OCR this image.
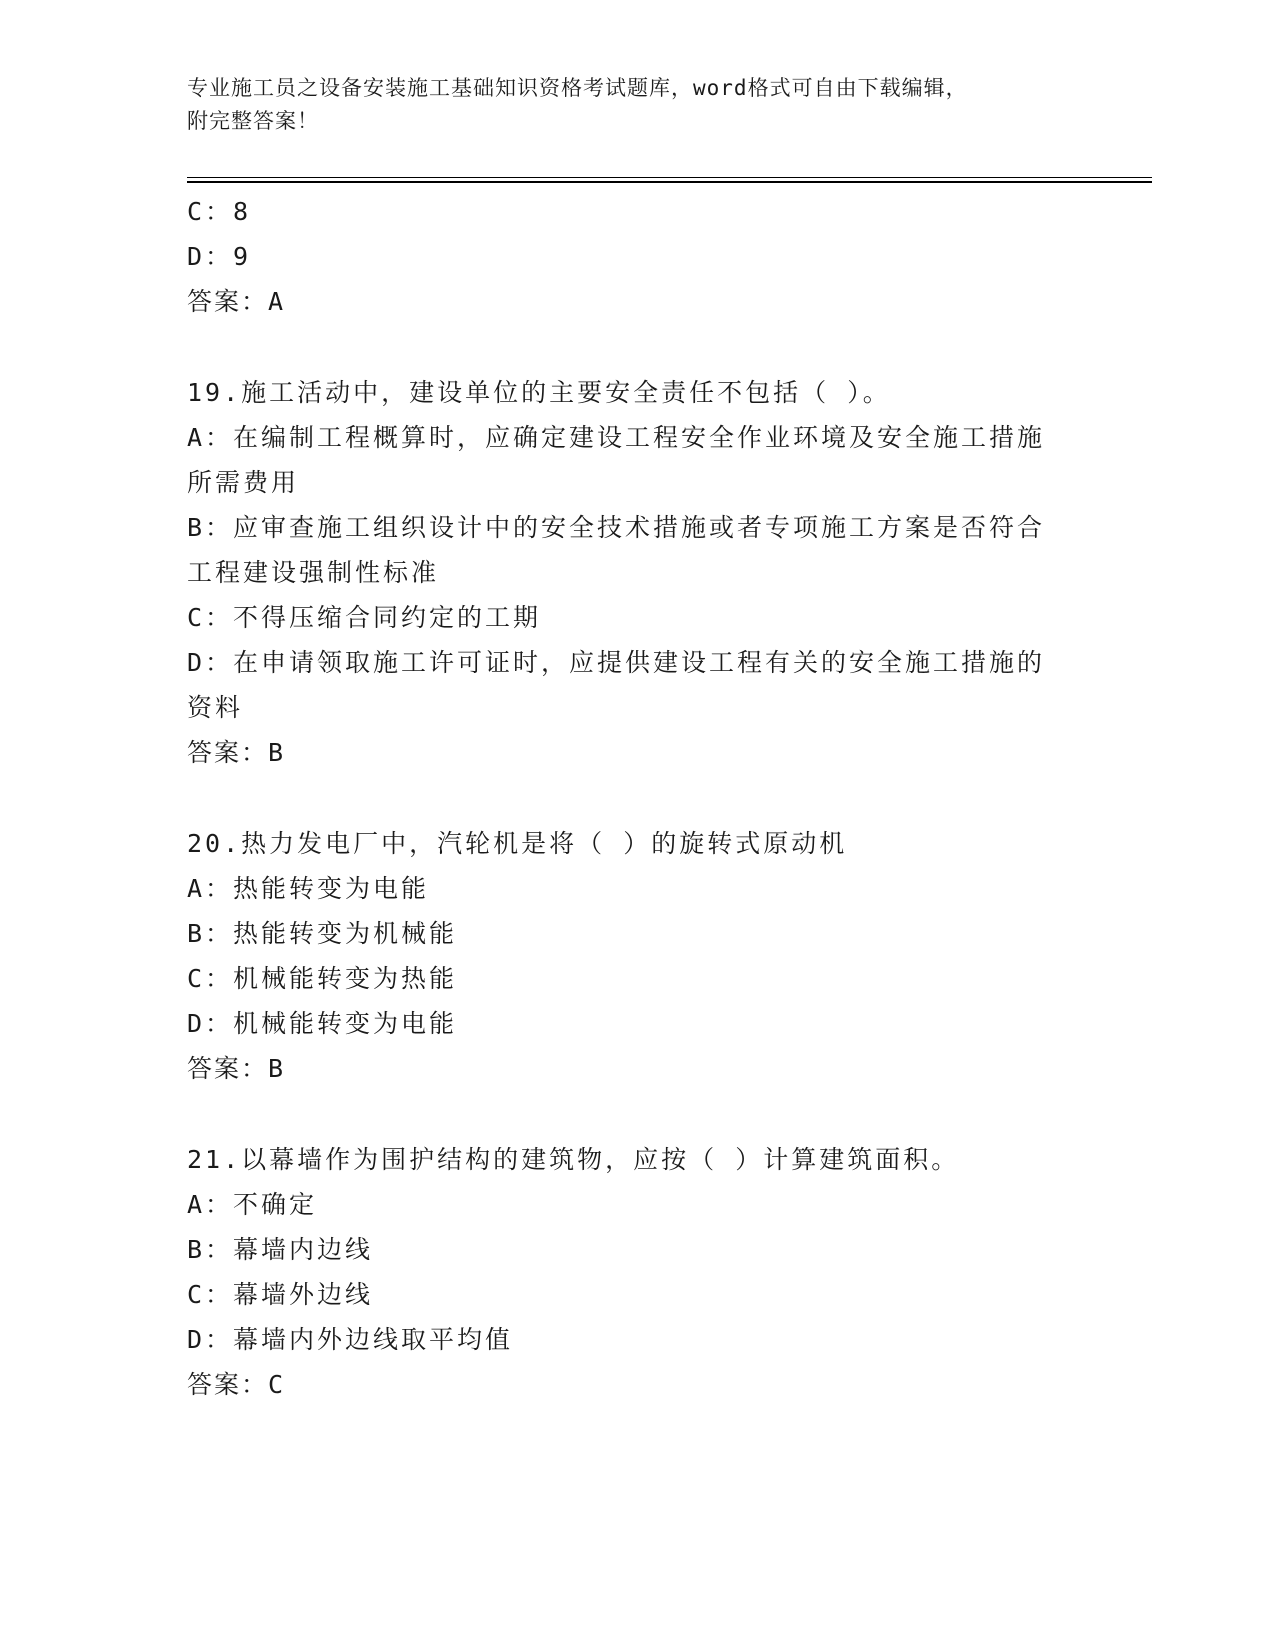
专业施工员之设备安装施工基础知识资格考试题库，word格式可自由下载编辑，
附完整答案！
C：8
D：9
答案：A
19.施工活动中，建设单位的主要安全责任不包括（ ）。
A：在编制工程概算时，应确定建设工程安全作业环境及安全施工措施
所需费用
B：应审查施工组织设计中的安全技术措施或者专项施工方案是否符合
工程建设强制性标准
C：不得压缩合同约定的工期
D：在申请领取施工许可证时，应提供建设工程有关的安全施工措施的
资料
答案：B
20.热力发电厂中，汽轮机是将（ ）的旋转式原动机
A：热能转变为电能
B：热能转变为机械能
C：机械能转变为热能
D：机械能转变为电能
答案：B
21.以幕墙作为围护结构的建筑物，应按（ ）计算建筑面积。
A：不确定
B：幕墙内边线
C：幕墙外边线
D：幕墙内外边线取平均值
答案：C
